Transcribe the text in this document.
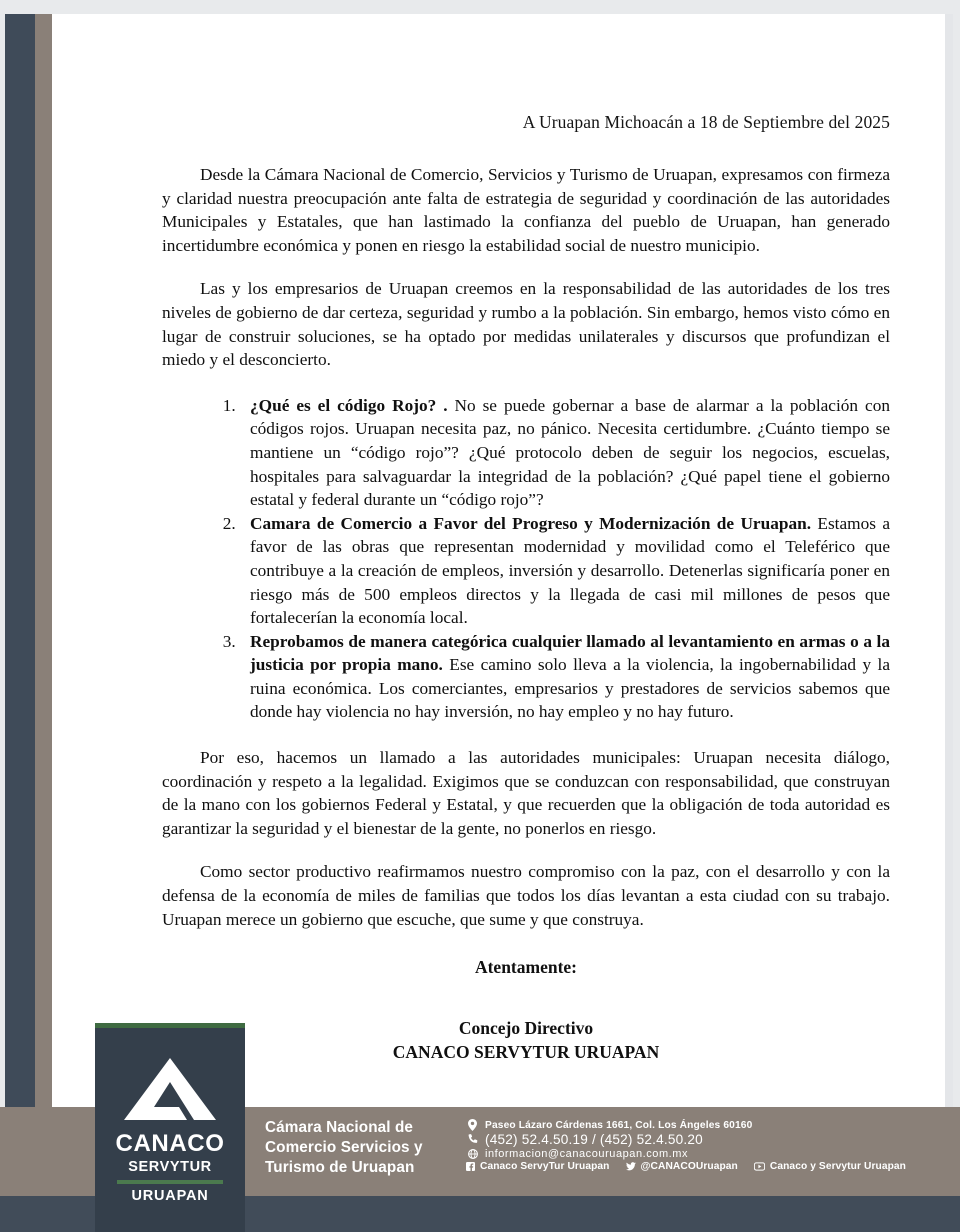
A Uruapan Michoacán a 18 de Septiembre del 2025

Desde la Cámara Nacional de Comercio, Servicios y Turismo de Uruapan, expresamos con firmeza y claridad nuestra preocupación ante falta de estrategia de seguridad y coordinación de las autoridades Municipales y Estatales, que han lastimado la confianza del pueblo de Uruapan, han generado incertidumbre económica y ponen en riesgo la estabilidad social de nuestro municipio.

Las y los empresarios de Uruapan creemos en la responsabilidad de las autoridades de los tres niveles de gobierno de dar certeza, seguridad y rumbo a la población. Sin embargo, hemos visto cómo en lugar de construir soluciones, se ha optado por medidas unilaterales y discursos que profundizan el miedo y el desconcierto.

1. ¿Qué es el código Rojo? . No se puede gobernar a base de alarmar a la población con códigos rojos. Uruapan necesita paz, no pánico. Necesita certidumbre. ¿Cuánto tiempo se mantiene un “código rojo”? ¿Qué protocolo deben de seguir los negocios, escuelas, hospitales para salvaguardar la integridad de la población? ¿Qué papel tiene el gobierno estatal y federal durante un “código rojo”?
2. Camara de Comercio a Favor del Progreso y Modernización de Uruapan. Estamos a favor de las obras que representan modernidad y movilidad como el Teleférico que contribuye a la creación de empleos, inversión y desarrollo. Detenerlas significaría poner en riesgo más de 500 empleos directos y la llegada de casi mil millones de pesos que fortalecerían la economía local.
3. Reprobamos de manera categórica cualquier llamado al levantamiento en armas o a la justicia por propia mano. Ese camino solo lleva a la violencia, la ingobernabilidad y la ruina económica. Los comerciantes, empresarios y prestadores de servicios sabemos que donde hay violencia no hay inversión, no hay empleo y no hay futuro.

Por eso, hacemos un llamado a las autoridades municipales: Uruapan necesita diálogo, coordinación y respeto a la legalidad. Exigimos que se conduzcan con responsabilidad, que construyan de la mano con los gobiernos Federal y Estatal, y que recuerden que la obligación de toda autoridad es garantizar la seguridad y el bienestar de la gente, no ponerlos en riesgo.

Como sector productivo reafirmamos nuestro compromiso con la paz, con el desarrollo y con la defensa de la economía de miles de familias que todos los días levantan a esta ciudad con su trabajo. Uruapan merece un gobierno que escuche, que sume y que construya.

Atentamente:
Concejo Directivo
CANACO SERVYTUR URUAPAN
CANACO
SERVYTUR
URUAPAN
Cámara Nacional de Comercio Servicios y Turismo de Uruapan
Paseo Lázaro Cárdenas 1661, Col. Los Ángeles 60160
(452) 52.4.50.19 / (452) 52.4.50.20
informacion@canacouruapan.com.mx
Canaco ServyTur Uruapan	@CANACOUruapan	Canaco y Servytur Uruapan
